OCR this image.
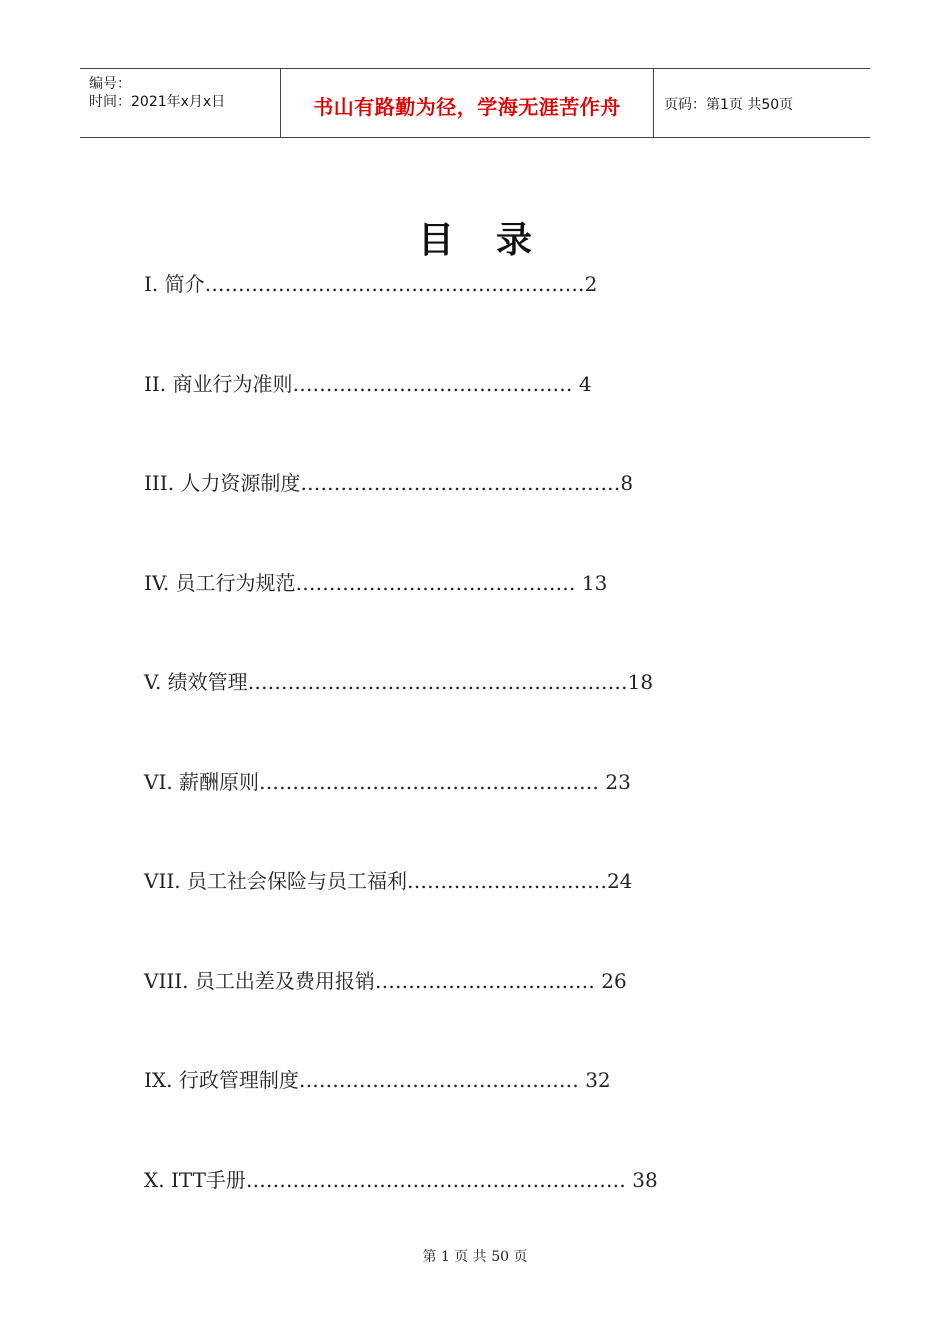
编号：
时间：2021年x月x日	书山有路勤为径，学海无涯苦作舟	页码：第1页 共50页
目录
I. 简介…………………………………………………2
II. 商业行为准则…………………………………… 4
III. 人力资源制度…………………………………………8
IV. 员工行为规范…………………………………… 13
V. 绩效管理…………………………………………………18
VI. 薪酬原则…………………………………………… 23
VII. 员工社会保险与员工福利…………………………24
VIII. 员工出差及费用报销…………………………… 26
IX. 行政管理制度…………………………………… 32
X. ITT手册………………………………………………… 38
第 1 页 共 50 页
